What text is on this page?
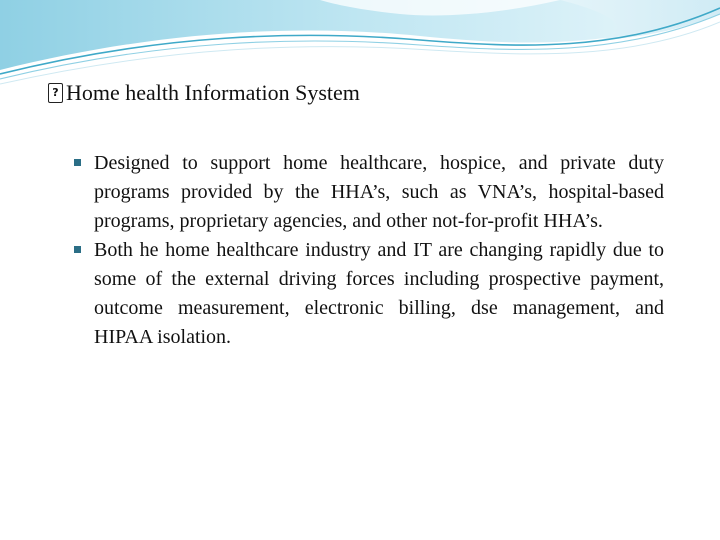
?Home health Information System
Designed to support home healthcare, hospice, and private duty programs provided by the HHA’s, such as VNA’s, hospital-based programs, proprietary agencies, and other not-for-profit HHA’s.
Both he home healthcare industry and IT are changing rapidly due to some of the external driving forces including prospective payment, outcome measurement, electronic billing, dse management, and HIPAA isolation.
